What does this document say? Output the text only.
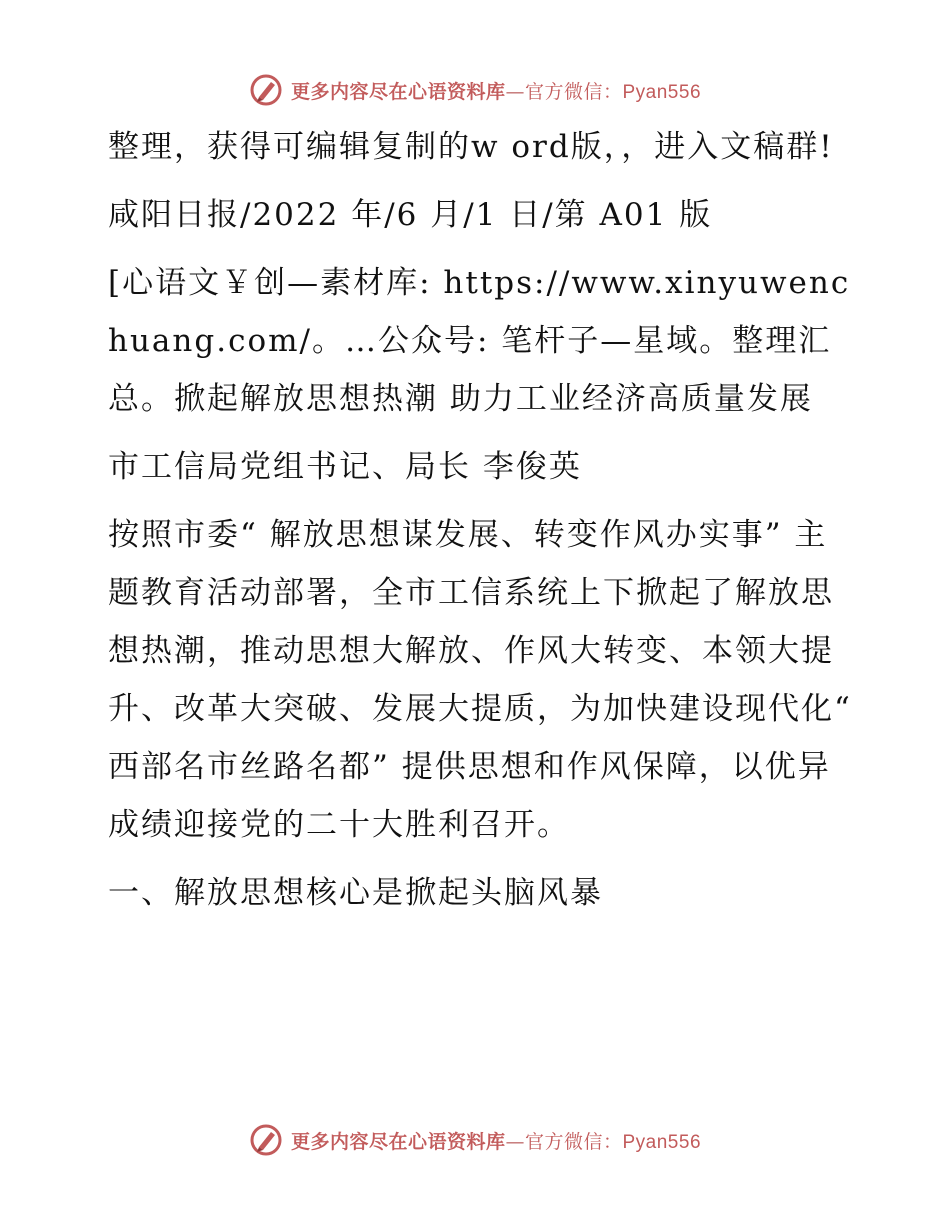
更多内容尽在心语资料库—官方微信：Pyan556

整理，获得可编辑复制的w ord版，，进入文稿群!

咸阳日报/2022 年/6 月/1 日/第 A01 版

[心语文￥创—素材库: https://www.xinyuwenchuang.com/。…公众号: 笔杆子—星域。整理汇总。掀起解放思想热潮 助力工业经济高质量发展

市工信局党组书记、局长 李俊英

按照市委“ 解放思想谋发展、转变作风办实事” 主题教育活动部署，全市工信系统上下掀起了解放思想热潮，推动思想大解放、作风大转变、本领大提升、改革大突破、发展大提质，为加快建设现代化“ 西部名市丝路名都” 提供思想和作风保障，以优异成绩迎接党的二十大胜利召开。

一、解放思想核心是掀起头脑风暴

更多内容尽在心语资料库—官方微信：Pyan556
